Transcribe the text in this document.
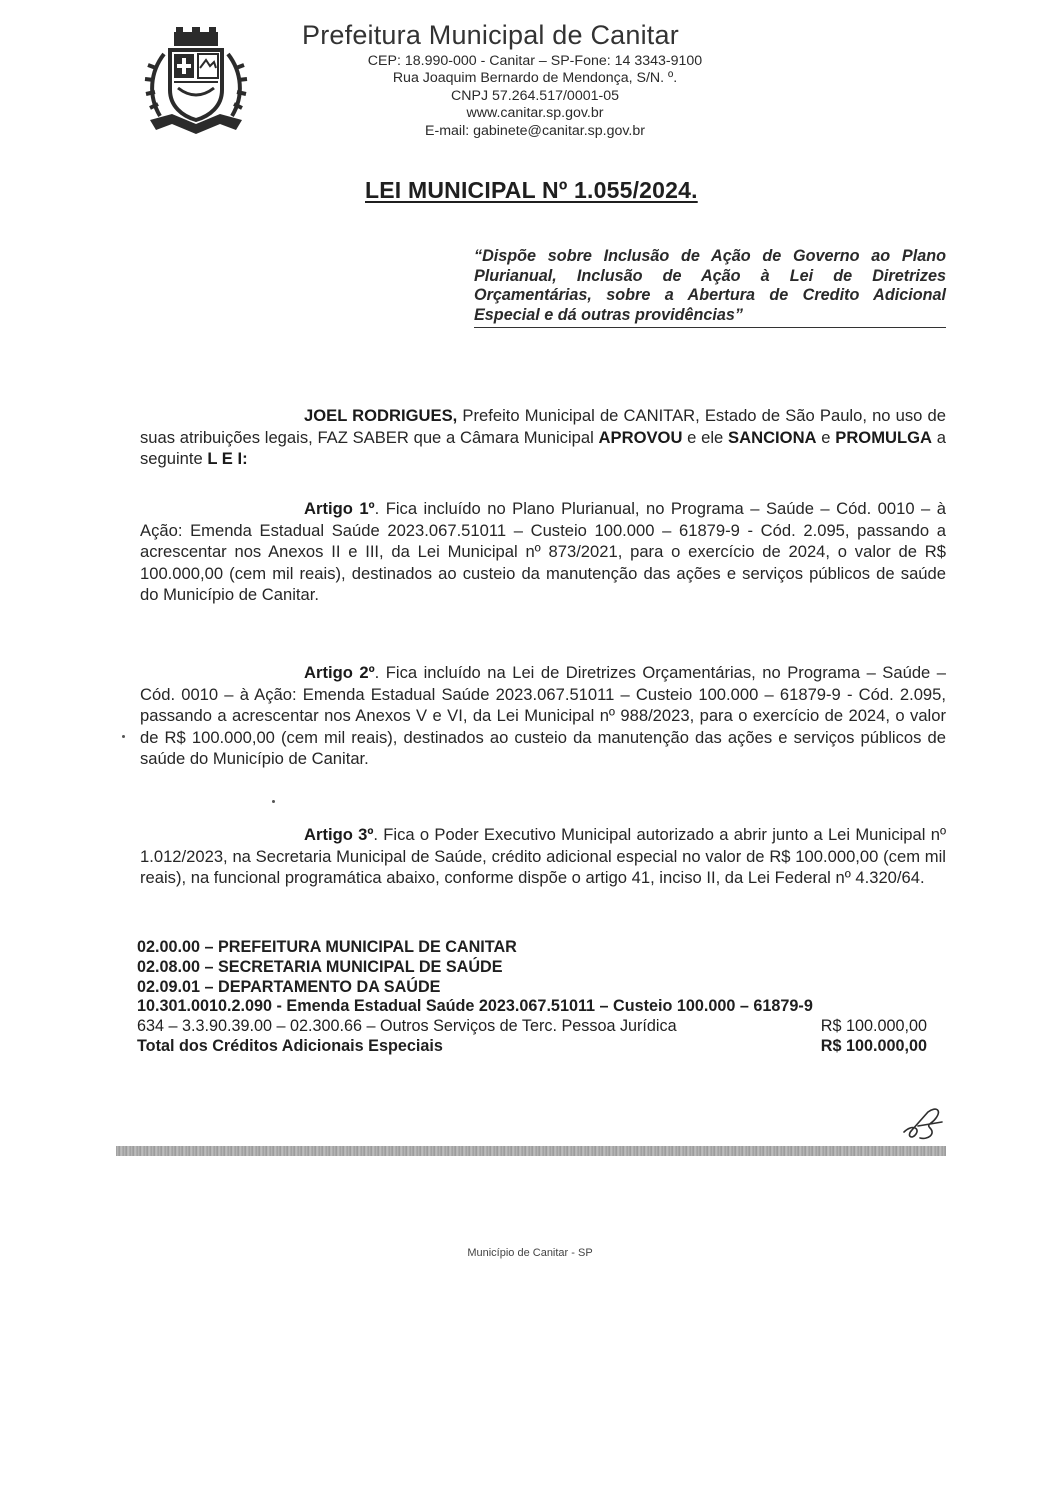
Prefeitura Municipal de Canitar
CEP: 18.990-000 - Canitar – SP-Fone: 14 3343-9100
Rua Joaquim Bernardo de Mendonça, S/N. º.
CNPJ 57.264.517/0001-05
www.canitar.sp.gov.br
E-mail: gabinete@canitar.sp.gov.br
LEI MUNICIPAL Nº 1.055/2024.
“Dispõe sobre Inclusão de Ação de Governo ao Plano Plurianual, Inclusão de Ação à Lei de Diretrizes Orçamentárias, sobre a Abertura de Credito Adicional Especial e dá outras providências”
JOEL RODRIGUES, Prefeito Municipal de CANITAR, Estado de São Paulo, no uso de suas atribuições legais, FAZ SABER que a Câmara Municipal APROVOU e ele SANCIONA e PROMULGA a seguinte L E I:
Artigo 1º. Fica incluído no Plano Plurianual, no Programa – Saúde – Cód. 0010 – à Ação: Emenda Estadual Saúde 2023.067.51011 – Custeio 100.000 – 61879-9 - Cód. 2.095, passando a acrescentar nos Anexos II e III, da Lei Municipal nº 873/2021, para o exercício de 2024, o valor de R$ 100.000,00 (cem mil reais), destinados ao custeio da manutenção das ações e serviços públicos de saúde do Município de Canitar.
Artigo 2º. Fica incluído na Lei de Diretrizes Orçamentárias, no Programa – Saúde – Cód. 0010 – à Ação: Emenda Estadual Saúde 2023.067.51011 – Custeio 100.000 – 61879-9 - Cód. 2.095, passando a acrescentar nos Anexos V e VI, da Lei Municipal nº 988/2023, para o exercício de 2024, o valor de R$ 100.000,00 (cem mil reais), destinados ao custeio da manutenção das ações e serviços públicos de saúde do Município de Canitar.
Artigo 3º. Fica o Poder Executivo Municipal autorizado a abrir junto a Lei Municipal nº 1.012/2023, na Secretaria Municipal de Saúde, crédito adicional especial no valor de R$ 100.000,00 (cem mil reais), na funcional programática abaixo, conforme dispõe o artigo 41, inciso II, da Lei Federal nº 4.320/64.
02.00.00 – PREFEITURA MUNICIPAL DE CANITAR
02.08.00 – SECRETARIA MUNICIPAL DE SAÚDE
02.09.01 – DEPARTAMENTO DA SAÚDE
10.301.0010.2.090 - Emenda Estadual Saúde 2023.067.51011 – Custeio 100.000 – 61879-9
634 – 3.3.90.39.00 – 02.300.66 – Outros Serviços de Terc. Pessoa Jurídica	R$ 100.000,00
Total dos Créditos Adicionais Especiais	R$ 100.000,00
Município de Canitar - SP
